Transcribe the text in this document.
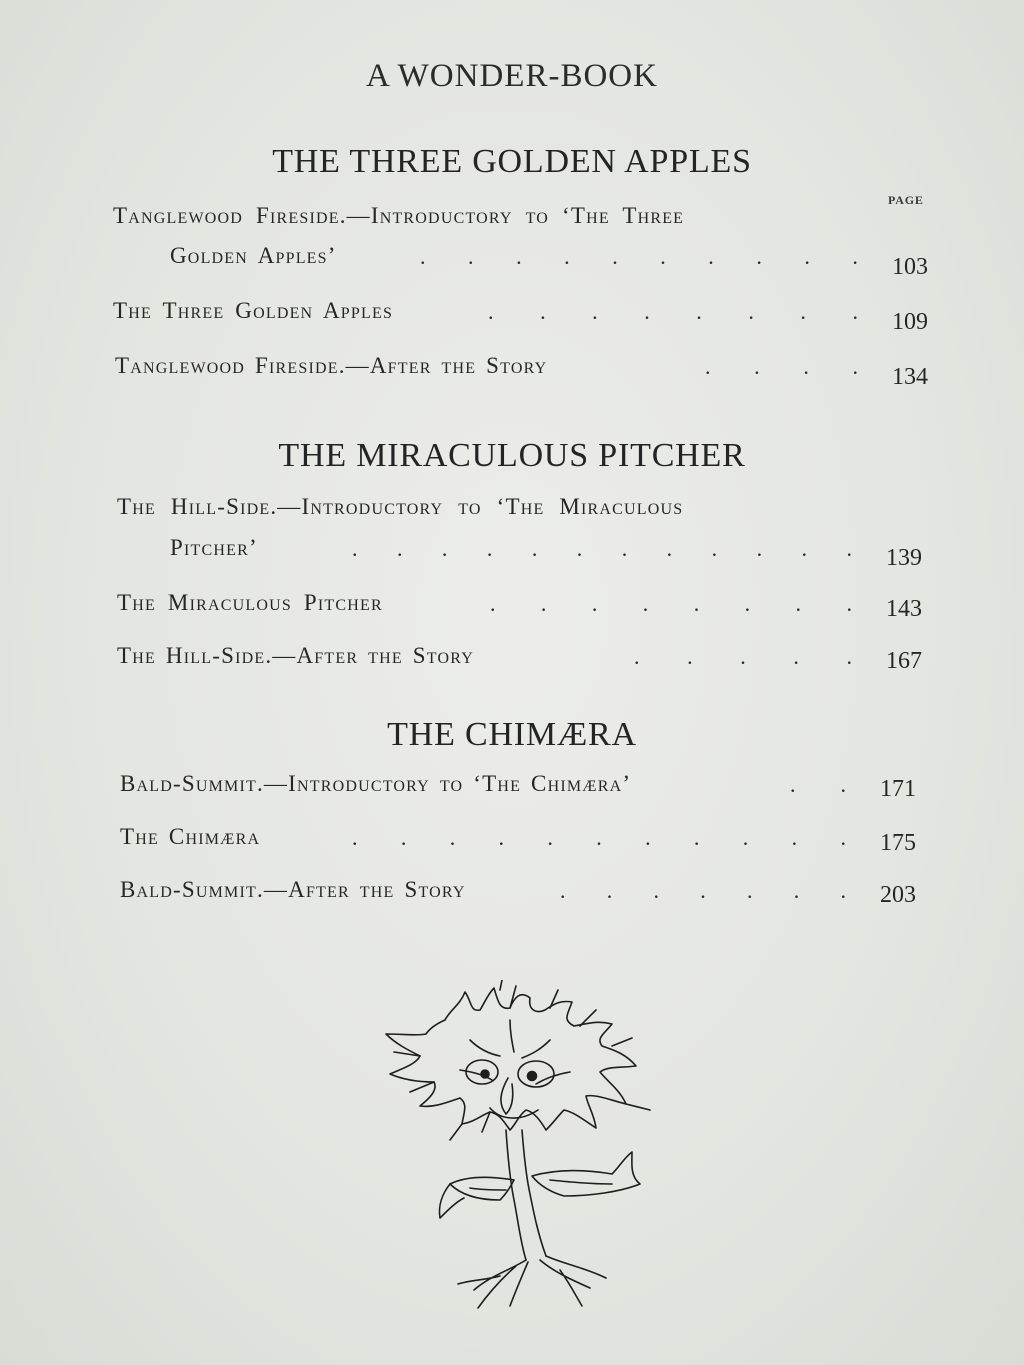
A WONDER-BOOK
THE THREE GOLDEN APPLES
PAGE
Tanglewood Fireside.—Introductory to ‘The Three
Golden Apples’	. . . . . . . . . .	103
The Three Golden Apples	. . . . . . . .	109
Tanglewood Fireside.—After the Story	. . . .	134
THE MIRACULOUS PITCHER
The Hill-Side.—Introductory to ‘The Miraculous
Pitcher’	. . . . . . . . . . . .	139
The Miraculous Pitcher	. . . . . . . .	143
The Hill-Side.—After the Story	. . . . .	167
THE CHIMÆRA
Bald-Summit.—Introductory to ‘The Chimæra’	. .	171
The Chimæra	. . . . . . . . . . .	175
Bald-Summit.—After the Story	. . . . . . .	203
